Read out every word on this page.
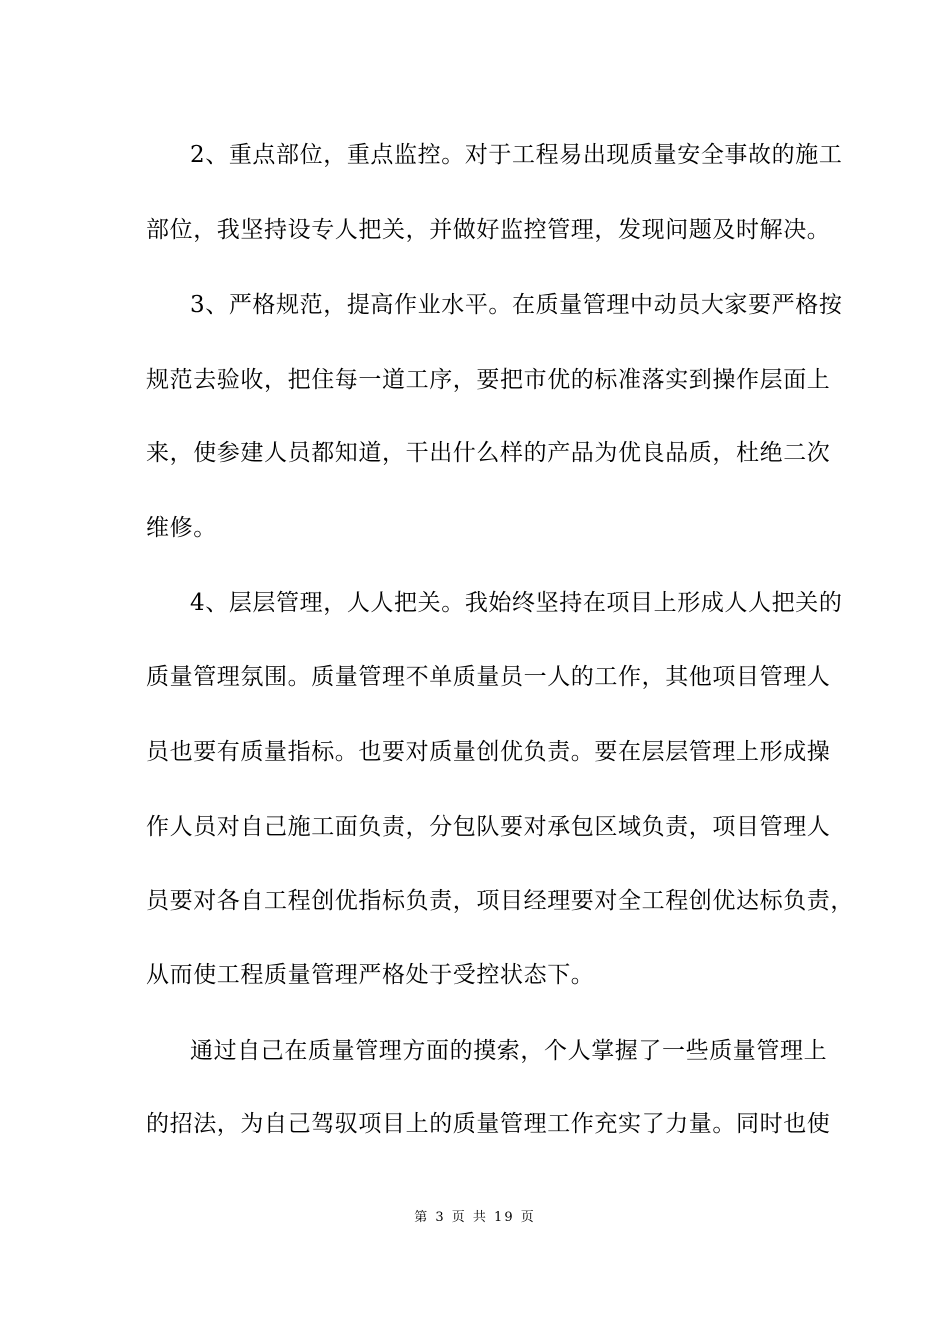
2、重点部位，重点监控。对于工程易出现质量安全事故的施工
部位，我坚持设专人把关，并做好监控管理，发现问题及时解决。
3、严格规范，提高作业水平。在质量管理中动员大家要严格按
规范去验收，把住每一道工序，要把市优的标准落实到操作层面上
来，使参建人员都知道，干出什么样的产品为优良品质，杜绝二次
维修。
4、层层管理，人人把关。我始终坚持在项目上形成人人把关的
质量管理氛围。质量管理不单质量员一人的工作，其他项目管理人
员也要有质量指标。也要对质量创优负责。要在层层管理上形成操
作人员对自己施工面负责，分包队要对承包区域负责，项目管理人
员要对各自工程创优指标负责，项目经理要对全工程创优达标负责，
从而使工程质量管理严格处于受控状态下。
通过自己在质量管理方面的摸索，个人掌握了一些质量管理上
的招法，为自己驾驭项目上的质量管理工作充实了力量。同时也使
第 3 页 共 19 页
